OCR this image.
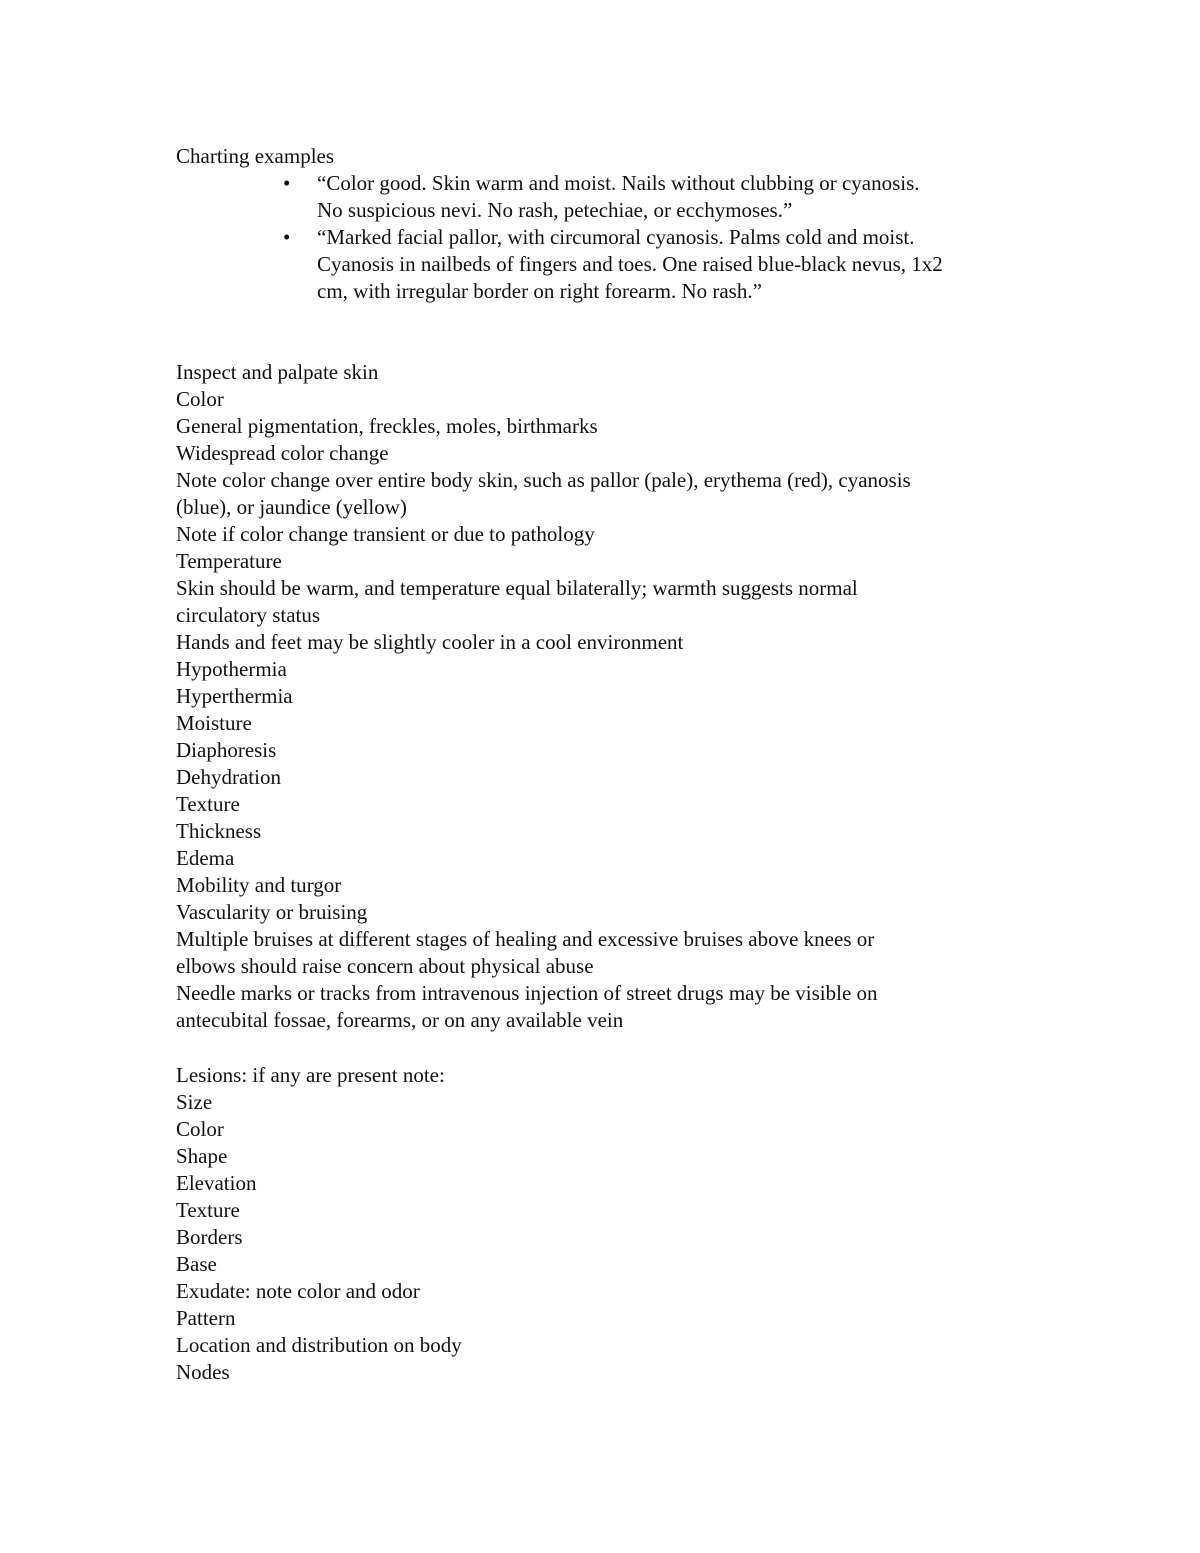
Charting examples
• “Color good. Skin warm and moist. Nails without clubbing or cyanosis.
No suspicious nevi. No rash, petechiae, or ecchymoses.”
• “Marked facial pallor, with circumoral cyanosis. Palms cold and moist.
Cyanosis in nailbeds of fingers and toes. One raised blue-black nevus, 1x2
cm, with irregular border on right forearm. No rash.”
Inspect and palpate skin
Color
General pigmentation, freckles, moles, birthmarks
Widespread color change
Note color change over entire body skin, such as pallor (pale), erythema (red), cyanosis
(blue), or jaundice (yellow)
Note if color change transient or due to pathology
Temperature
Skin should be warm, and temperature equal bilaterally; warmth suggests normal
circulatory status
Hands and feet may be slightly cooler in a cool environment
Hypothermia
Hyperthermia
Moisture
Diaphoresis
Dehydration
Texture
Thickness
Edema
Mobility and turgor
Vascularity or bruising
Multiple bruises at different stages of healing and excessive bruises above knees or
elbows should raise concern about physical abuse
Needle marks or tracks from intravenous injection of street drugs may be visible on
antecubital fossae, forearms, or on any available vein
Lesions: if any are present note:
Size
Color
Shape
Elevation
Texture
Borders
Base
Exudate: note color and odor
Pattern
Location and distribution on body
Nodes
